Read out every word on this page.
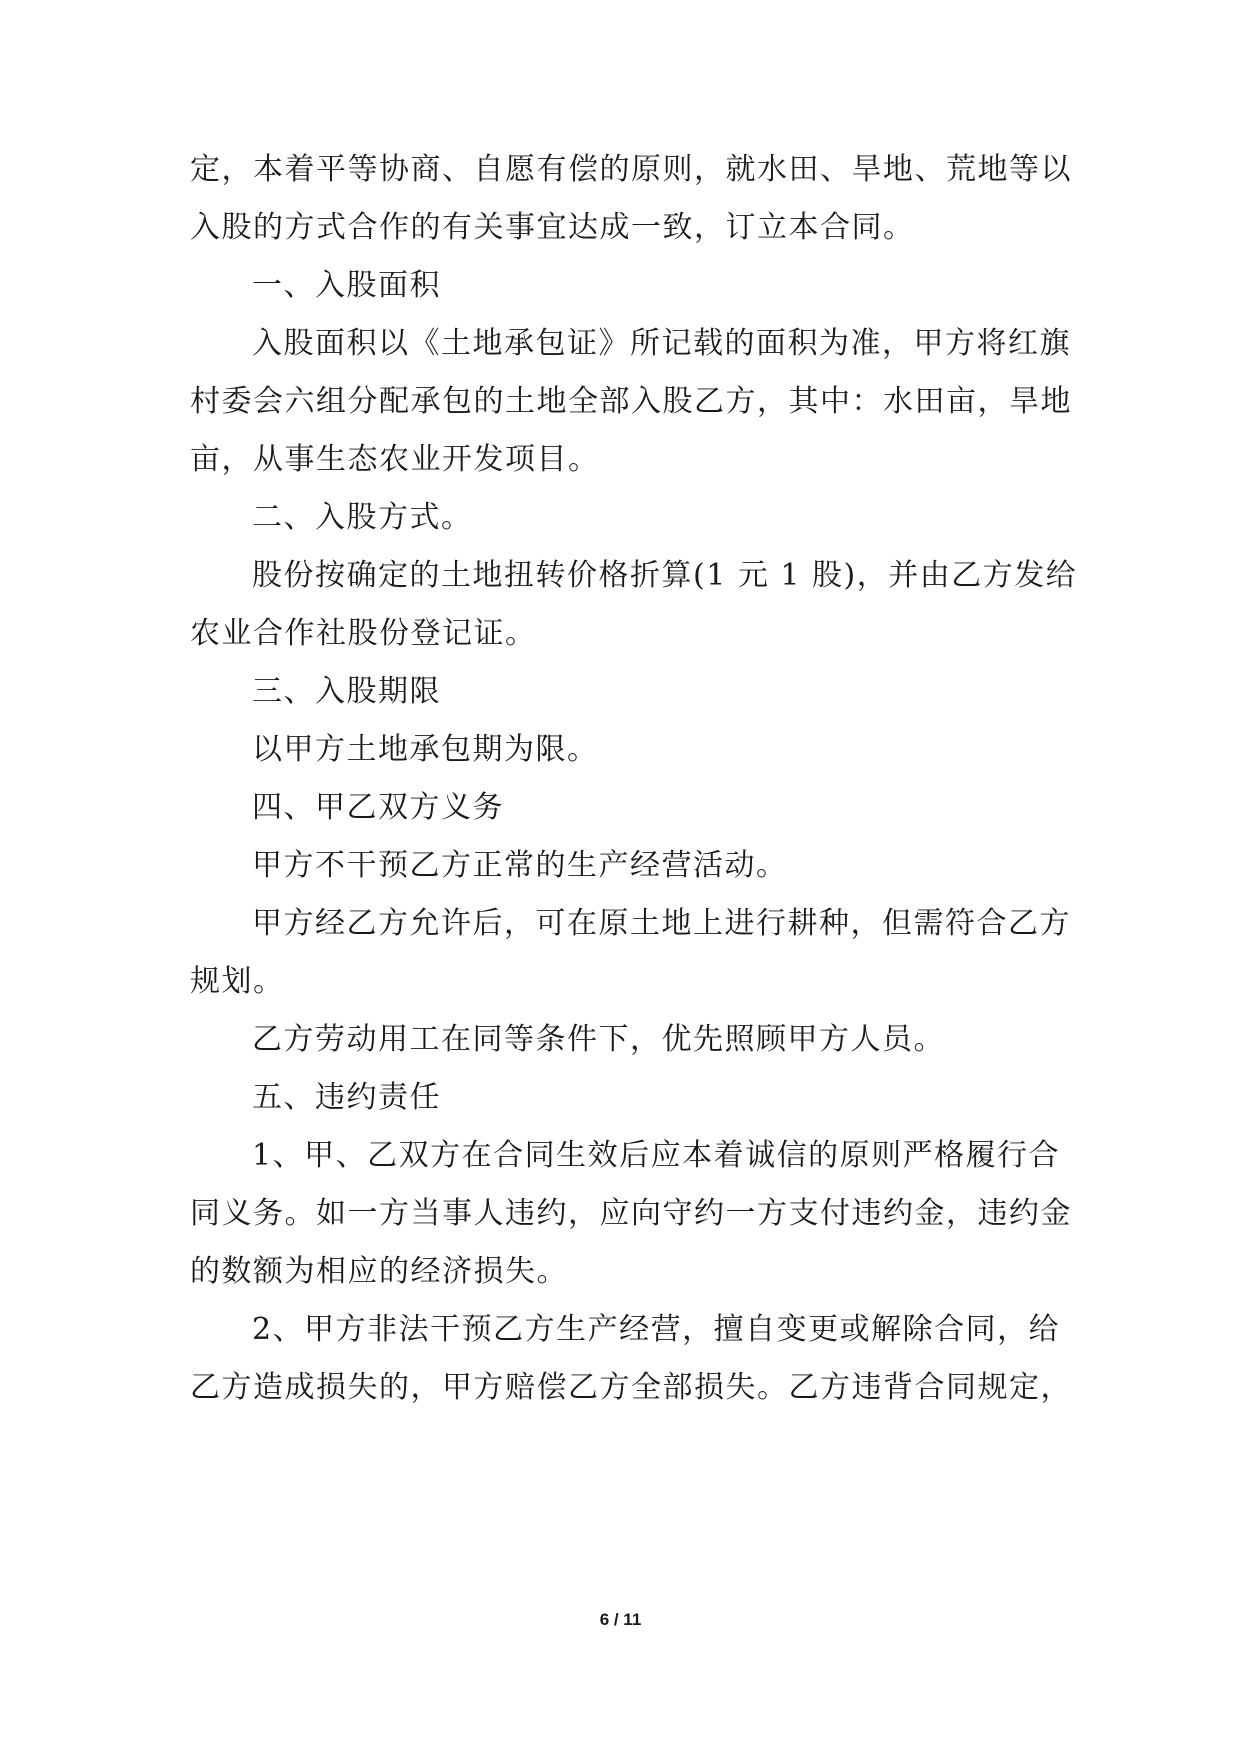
定，本着平等协商、自愿有偿的原则，就水田、旱地、荒地等以
入股的方式合作的有关事宜达成一致，订立本合同。
一、入股面积
入股面积以《土地承包证》所记载的面积为准，甲方将红旗
村委会六组分配承包的土地全部入股乙方，其中：水田亩，旱地
亩，从事生态农业开发项目。
二、入股方式。
股份按确定的土地扭转价格折算(1 元 1 股)，并由乙方发给
农业合作社股份登记证。
三、入股期限
以甲方土地承包期为限。
四、甲乙双方义务
甲方不干预乙方正常的生产经营活动。
甲方经乙方允许后，可在原土地上进行耕种，但需符合乙方
规划。
乙方劳动用工在同等条件下，优先照顾甲方人员。
五、违约责任
1、甲、乙双方在合同生效后应本着诚信的原则严格履行合
同义务。如一方当事人违约，应向守约一方支付违约金，违约金
的数额为相应的经济损失。
2、甲方非法干预乙方生产经营，擅自变更或解除合同，给
乙方造成损失的，甲方赔偿乙方全部损失。乙方违背合同规定，
6 / 11
